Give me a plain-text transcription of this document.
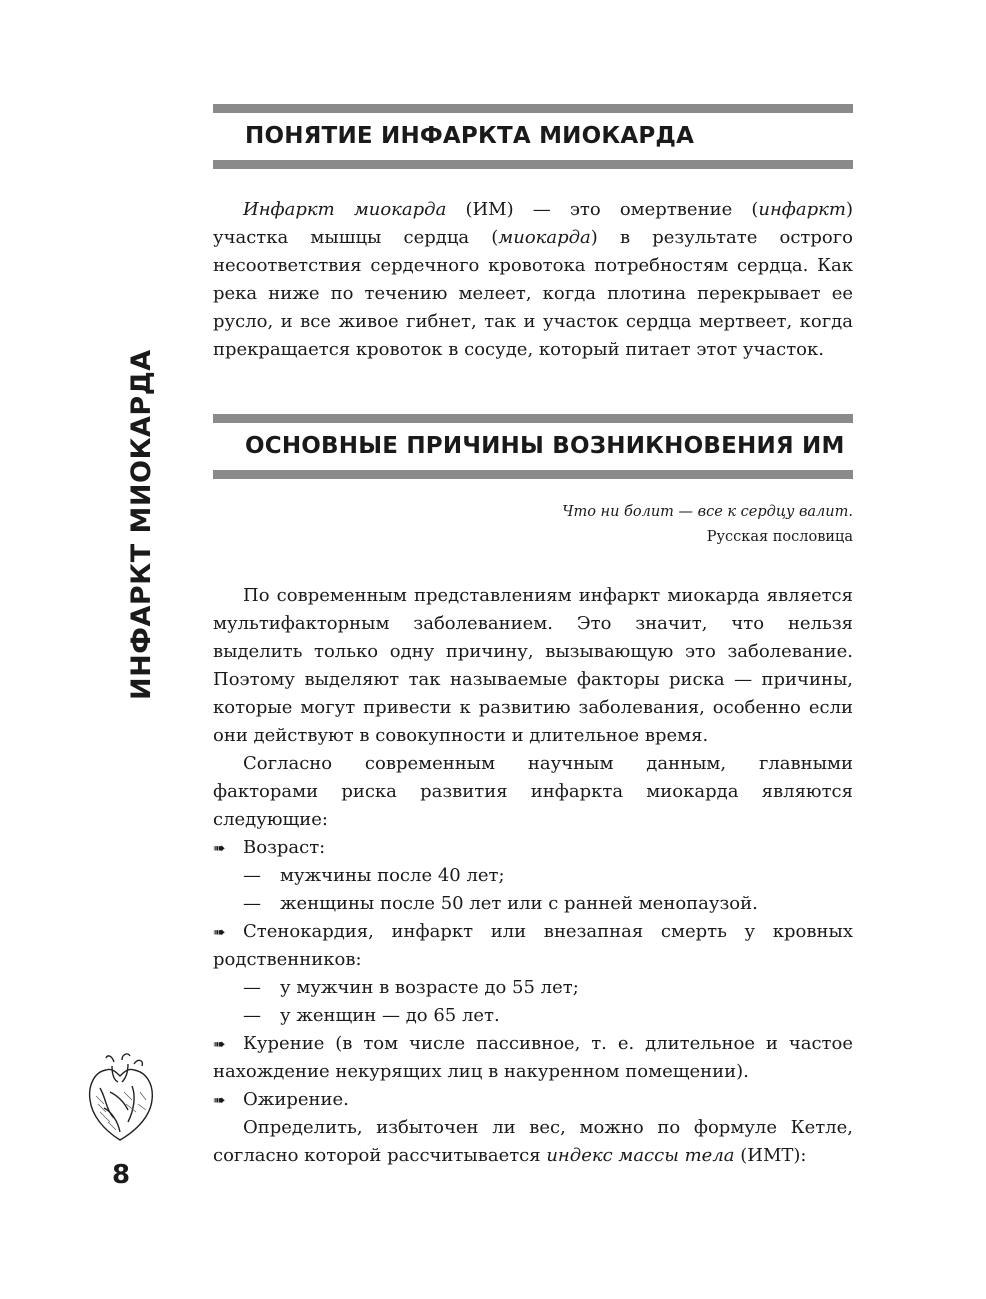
ИНФАРКТ МИОКАРДА
8
ПОНЯТИЕ ИНФАРКТА МИОКАРДА

Инфаркт миокарда (ИМ) — это омертвение (инфаркт) участка мышцы сердца (миокарда) в результате острого несоответствия сердечного кровотока потребностям сердца. Как река ниже по течению мелеет, когда плотина перекрывает ее русло, и все живое гибнет, так и участок сердца мертвеет, когда прекращается кровоток в сосуде, который питает этот участок.

ОСНОВНЫЕ ПРИЧИНЫ ВОЗНИКНОВЕНИЯ ИМ
Что ни болит — все к сердцу валит.
Русская пословица

По современным представлениям инфаркт миокарда является мультифакторным заболеванием. Это значит, что нельзя выделить только одну причину, вызывающую это заболевание. Поэтому выделяют так называемые факторы риска — причины, которые могут привести к развитию заболевания, особенно если они действуют в совокупности и длительное время.

Согласно современным научным данным, главными факторами риска развития инфаркта миокарда являются следующие:

➠ Возраст:
—	мужчины после 40 лет;
—	женщины после 50 лет или с ранней менопаузой.
➠ Стенокардия, инфаркт или внезапная смерть у кровных родственников:
—	у мужчин в возрасте до 55 лет;
—	у женщин — до 65 лет.
➠ Курение (в том числе пассивное, т. е. длительное и частое нахождение некурящих лиц в накуренном помещении).
➠ Ожирение.

Определить, избыточен ли вес, можно по формуле Кетле, согласно которой рассчитывается индекс массы тела (ИМТ):
